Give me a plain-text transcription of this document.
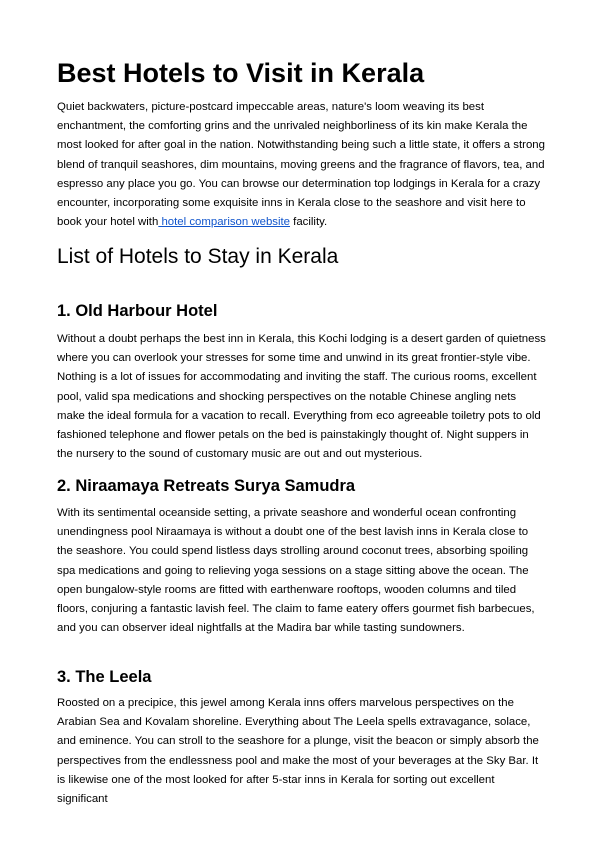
Best Hotels to Visit in Kerala

Quiet backwaters, picture-postcard impeccable areas, nature's loom weaving its best enchantment, the comforting grins and the unrivaled neighborliness of its kin make Kerala the most looked for after goal in the nation. Notwithstanding being such a little state, it offers a strong blend of tranquil seashores, dim mountains, moving greens and the fragrance of flavors, tea, and espresso any place you go. You can browse our determination top lodgings in Kerala for a crazy encounter, incorporating some exquisite inns in Kerala close to the seashore and visit here to book your hotel with hotel comparison website facility.

List of Hotels to Stay in Kerala
1. Old Harbour Hotel

Without a doubt perhaps the best inn in Kerala, this Kochi lodging is a desert garden of quietness where you can overlook your stresses for some time and unwind in its great frontier-style vibe. Nothing is a lot of issues for accommodating and inviting the staff. The curious rooms, excellent pool, valid spa medications and shocking perspectives on the notable Chinese angling nets make the ideal formula for a vacation to recall. Everything from eco agreeable toiletry pots to old fashioned telephone and flower petals on the bed is painstakingly thought of. Night suppers in the nursery to the sound of customary music are out and out mysterious.

2. Niraamaya Retreats Surya Samudra

With its sentimental oceanside setting, a private seashore and wonderful ocean confronting unendingness pool Niraamaya is without a doubt one of the best lavish inns in Kerala close to the seashore. You could spend listless days strolling around coconut trees, absorbing spoiling spa medications and going to relieving yoga sessions on a stage sitting above the ocean. The open bungalow-style rooms are fitted with earthenware rooftops, wooden columns and tiled floors, conjuring a fantastic lavish feel. The claim to fame eatery offers gourmet fish barbecues, and you can observer ideal nightfalls at the Madira bar while tasting sundowners.

3. The Leela

Roosted on a precipice, this jewel among Kerala inns offers marvelous perspectives on the Arabian Sea and Kovalam shoreline. Everything about The Leela spells extravagance, solace, and eminence. You can stroll to the seashore for a plunge, visit the beacon or simply absorb the perspectives from the endlessness pool and make the most of your beverages at the Sky Bar. It is likewise one of the most looked for after 5-star inns in Kerala for sorting out excellent significant
